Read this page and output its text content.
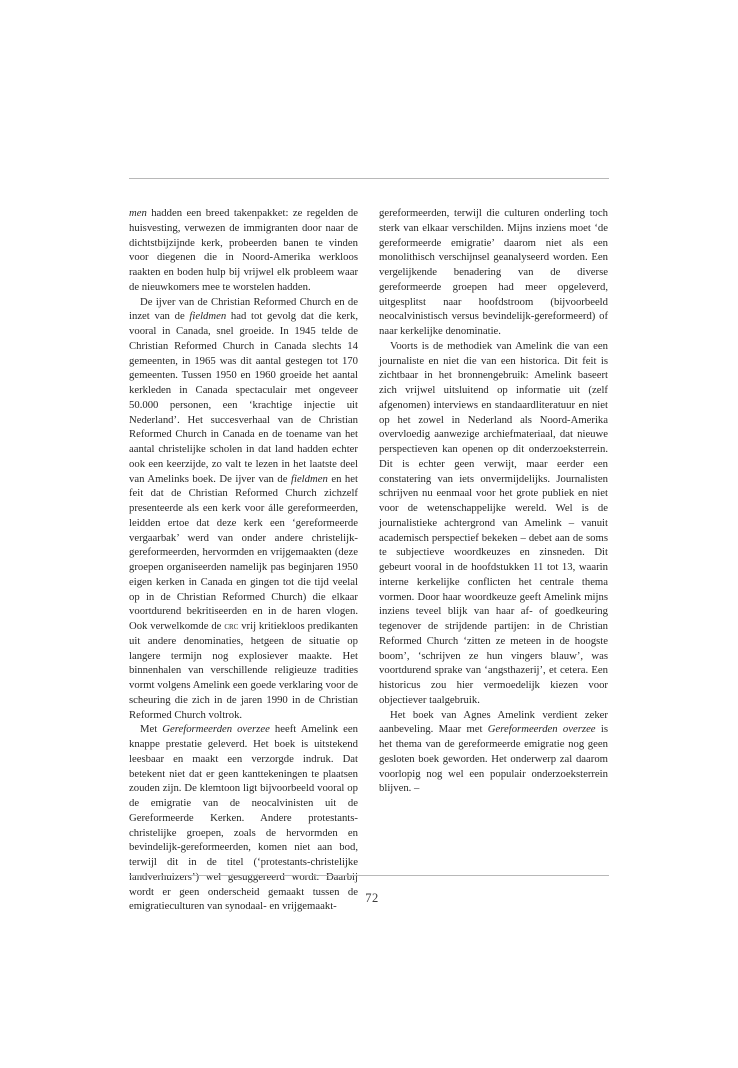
men hadden een breed takenpakket: ze regelden de huisvesting, verwezen de immigranten door naar de dichtstbijzijnde kerk, probeerden banen te vinden voor diegenen die in Noord-Amerika werkloos raakten en boden hulp bij vrijwel elk probleem waar de nieuwkomers mee te worstelen hadden.

De ijver van de Christian Reformed Church en de inzet van de fieldmen had tot gevolg dat die kerk, vooral in Canada, snel groeide. In 1945 telde de Christian Reformed Church in Canada slechts 14 gemeenten, in 1965 was dit aantal gestegen tot 170 gemeenten. Tussen 1950 en 1960 groeide het aantal kerkleden in Canada spectaculair met ongeveer 50.000 personen, een ‘krachtige injectie uit Nederland’. Het succesverhaal van de Christian Reformed Church in Canada en de toename van het aantal christelijke scholen in dat land hadden echter ook een keerzijde, zo valt te lezen in het laatste deel van Amelinks boek. De ijver van de fieldmen en het feit dat de Christian Reformed Church zichzelf presenteerde als een kerk voor álle gereformeerden, leidden ertoe dat deze kerk een ‘gereformeerde vergaarbak’ werd van onder andere christelijk-gereformeerden, hervormden en vrijgemaakten (deze groepen organiseerden namelijk pas beginjaren 1950 eigen kerken in Canada en gingen tot die tijd veelal op in de Christian Reformed Church) die elkaar voortdurend bekritiseerden en in de haren vlogen. Ook verwelkomde de crc vrij kritiekloos predikanten uit andere denominaties, hetgeen de situatie op langere termijn nog explosiever maakte. Het binnenhalen van verschillende religieuze tradities vormt volgens Amelink een goede verklaring voor de scheuring die zich in de jaren 1990 in de Christian Reformed Church voltrok.

Met Gereformeerden overzee heeft Amelink een knappe prestatie geleverd. Het boek is uitstekend leesbaar en maakt een verzorgde indruk. Dat betekent niet dat er geen kanttekeningen te plaatsen zouden zijn. De klemtoon ligt bijvoorbeeld vooral op de emigratie van de neocalvinisten uit de Gereformeerde Kerken. Andere protestants-christelijke groepen, zoals de hervormden en bevindelijk-gereformeerden, komen niet aan bod, terwijl dit in de titel (‘protestants-christelijke landverhuizers’) wel gesuggereerd wordt. Daarbij wordt er geen onderscheid gemaakt tussen de emigratieculturen van synodaal- en vrijgemaakt-

gereformeerden, terwijl die culturen onderling toch sterk van elkaar verschilden. Mijns inziens moet ‘de gereformeerde emigratie’ daarom niet als een monolithisch verschijnsel geanalyseerd worden. Een vergelijkende benadering van de diverse gereformeerde groepen had meer opgeleverd, uitgesplitst naar hoofdstroom (bijvoorbeeld neocalvinistisch versus bevindelijk-gereformeerd) of naar kerkelijke denominatie.

Voorts is de methodiek van Amelink die van een journaliste en niet die van een historica. Dit feit is zichtbaar in het bronnengebruik: Amelink baseert zich vrijwel uitsluitend op informatie uit (zelf afgenomen) interviews en standaardliteratuur en niet op het zowel in Nederland als Noord-Amerika overvloedig aanwezige archiefmateriaal, dat nieuwe perspectieven kan openen op dit onderzoeksterrein. Dit is echter geen verwijt, maar eerder een constatering van iets onvermijdelijks. Journalisten schrijven nu eenmaal voor het grote publiek en niet voor de wetenschappelijke wereld. Wel is de journalistieke achtergrond van Amelink – vanuit academisch perspectief bekeken – debet aan de soms te subjectieve woordkeuzes en zinsneden. Dit gebeurt vooral in de hoofdstukken 11 tot 13, waarin interne kerkelijke conflicten het centrale thema vormen. Door haar woordkeuze geeft Amelink mijns inziens teveel blijk van haar af- of goedkeuring tegenover de strijdende partijen: in de Christian Reformed Church ‘zitten ze meteen in de hoogste boom’, ‘schrijven ze hun vingers blauw’, was voortdurend sprake van ‘angsthazerij’, et cetera. Een historicus zou hier vermoedelijk kiezen voor objectiever taalgebruik.

Het boek van Agnes Amelink verdient zeker aanbeveling. Maar met Gereformeerden overzee is het thema van de gereformeerde emigratie nog geen gesloten boek geworden. Het onderwerp zal daarom voorlopig nog wel een populair onderzoeksterrein blijven. –

72
